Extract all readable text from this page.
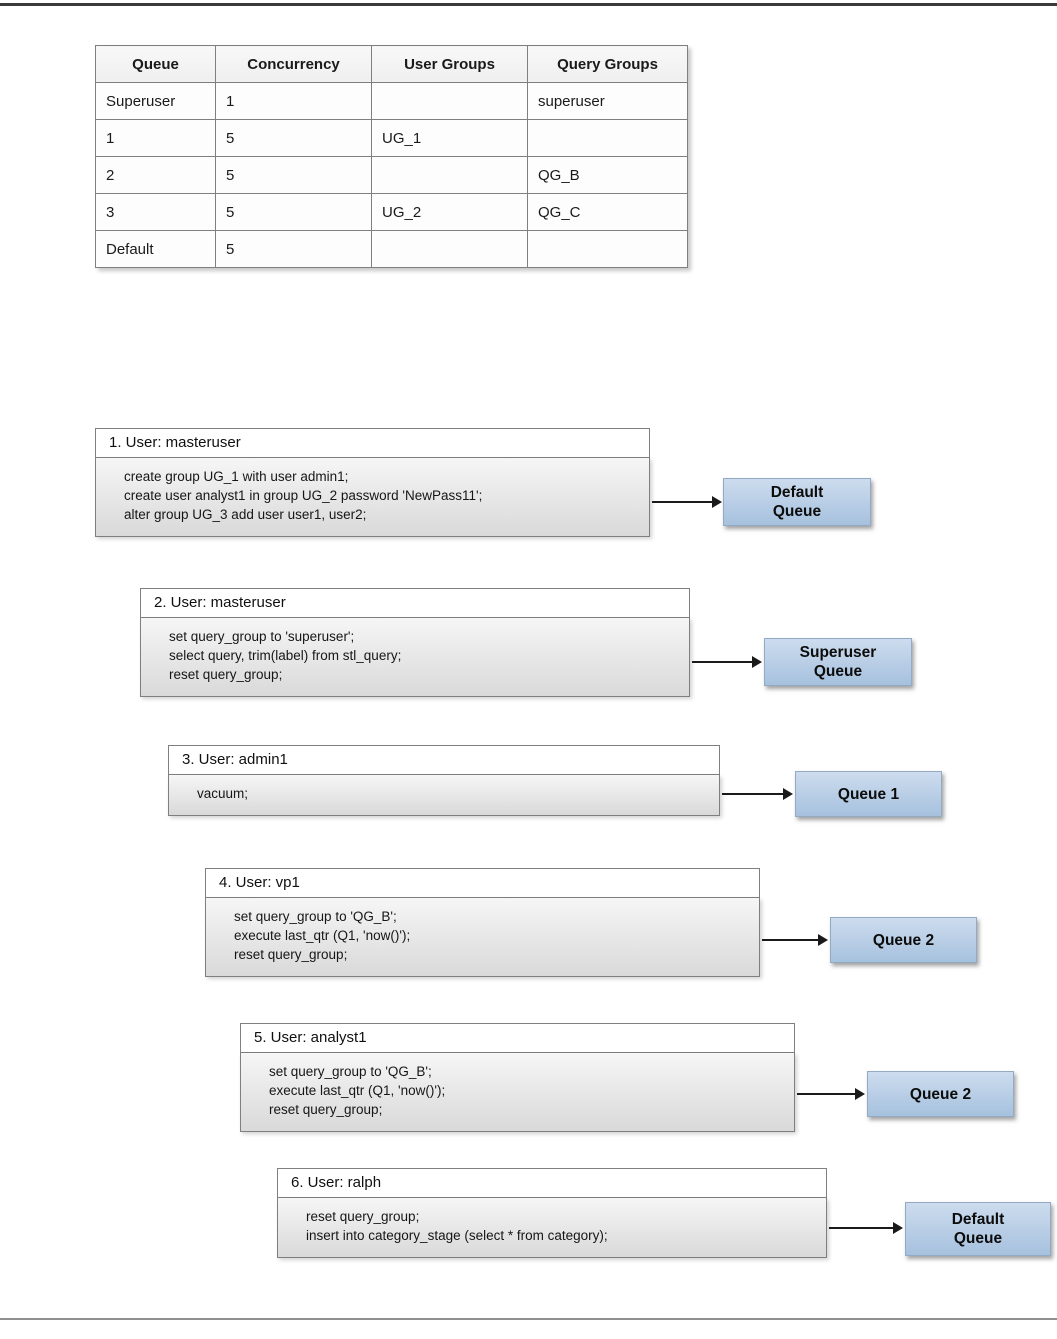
Queue	Concurrency	User Groups	Query Groups
Superuser	1		superuser
1	5	UG_1	
2	5		QG_B
3	5	UG_2	QG_C
Default	5		
1. User: masteruser
create group UG_1 with user admin1;
create user analyst1 in group UG_2 password 'NewPass11';
alter group UG_3 add user user1, user2;
Default Queue
2. User: masteruser
set query_group to 'superuser';
select query, trim(label) from stl_query;
reset query_group;
Superuser Queue
3. User: admin1
vacuum;	Queue 1
4. User: vp1
set query_group to 'QG_B';
execute last_qtr (Q1, 'now()');
reset query_group;
Queue 2
5. User: analyst1
set query_group to 'QG_B';
execute last_qtr (Q1, 'now()');
reset query_group;
Queue 2
6. User: ralph
reset query_group;
insert into category_stage (select * from category);
Default Queue
